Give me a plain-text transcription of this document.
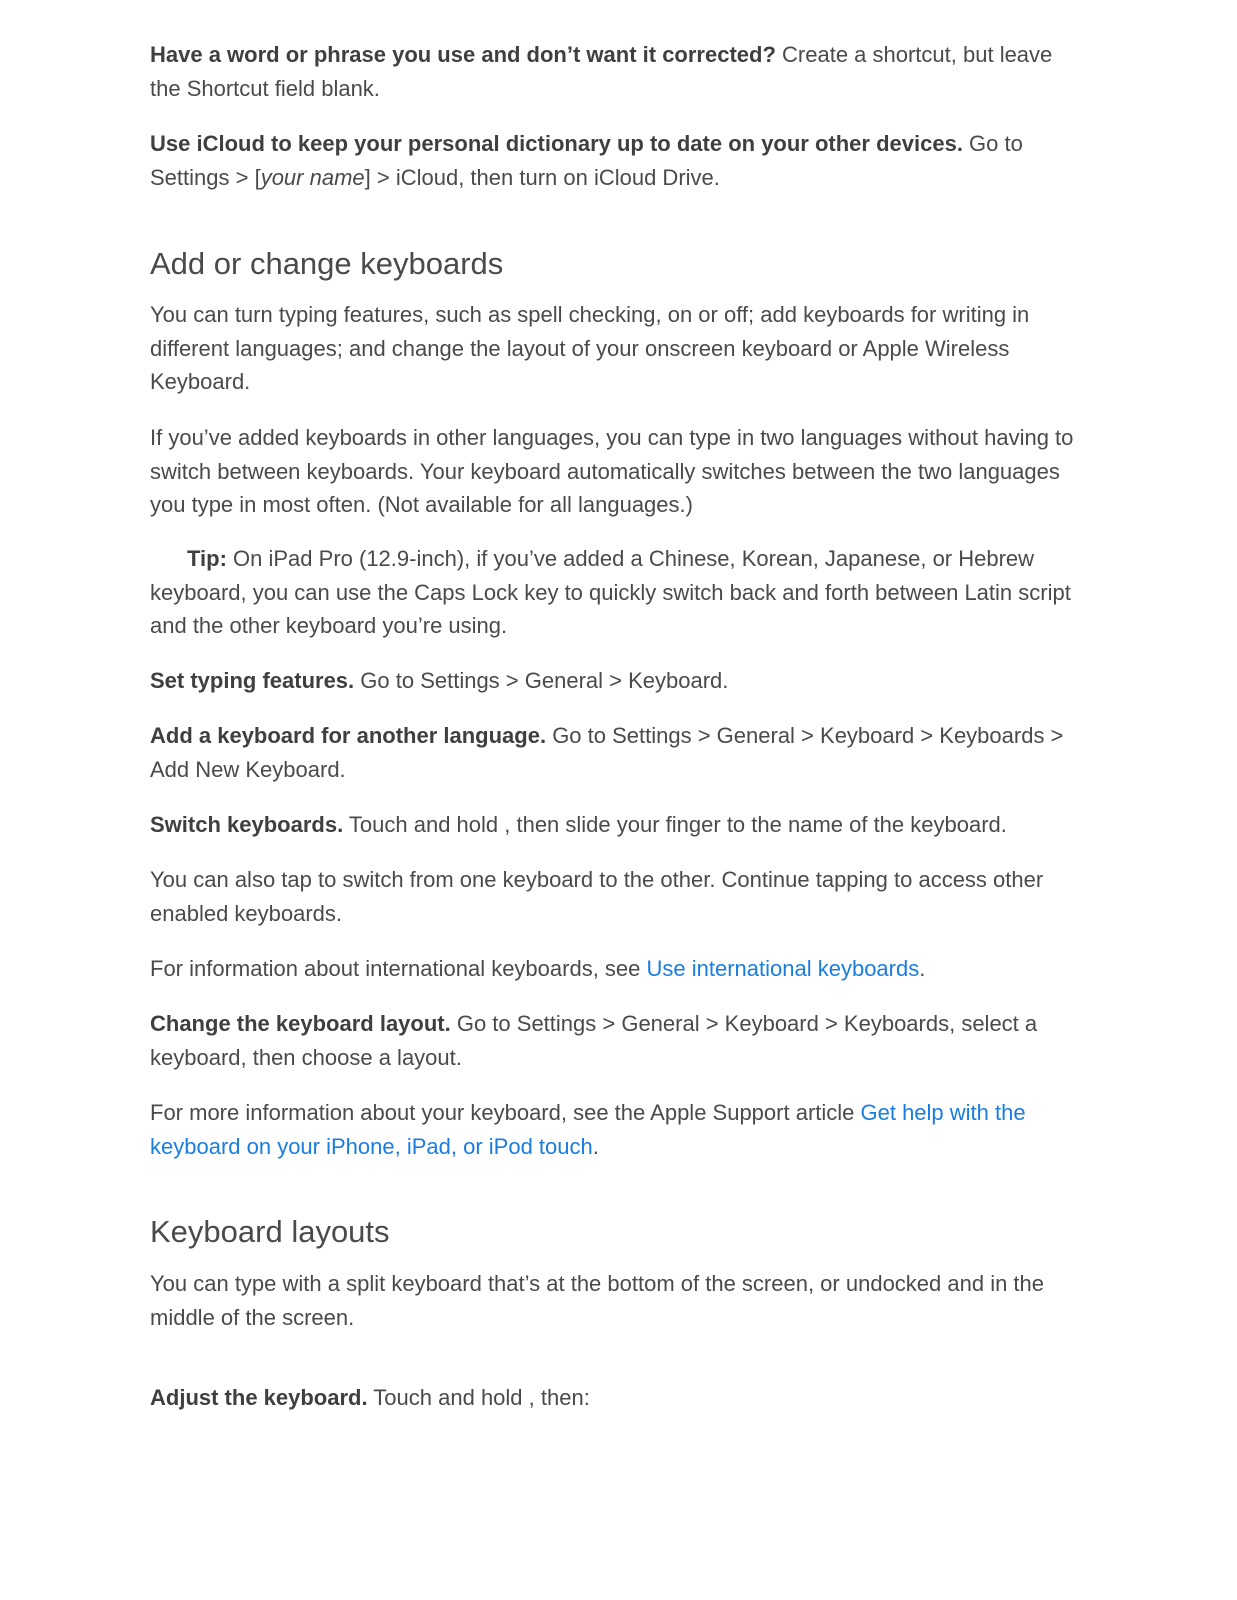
Have a word or phrase you use and don’t want it corrected? Create a shortcut, but leave the Shortcut field blank.

Use iCloud to keep your personal dictionary up to date on your other devices. Go to Settings > [your name] > iCloud, then turn on iCloud Drive.

Add or change keyboards

You can turn typing features, such as spell checking, on or off; add keyboards for writing in different languages; and change the layout of your onscreen keyboard or Apple Wireless Keyboard.

If you’ve added keyboards in other languages, you can type in two languages without having to switch between keyboards. Your keyboard automatically switches between the two languages you type in most often. (Not available for all languages.)

Tip: On iPad Pro (12.9-inch), if you’ve added a Chinese, Korean, Japanese, or Hebrew keyboard, you can use the Caps Lock key to quickly switch back and forth between Latin script and the other keyboard you’re using.

Set typing features. Go to Settings > General > Keyboard.

Add a keyboard for another language. Go to Settings > General > Keyboard > Keyboards > Add New Keyboard.

Switch keyboards. Touch and hold , then slide your finger to the name of the keyboard.

You can also tap to switch from one keyboard to the other. Continue tapping to access other enabled keyboards.

For information about international keyboards, see Use international keyboards.

Change the keyboard layout. Go to Settings > General > Keyboard > Keyboards, select a keyboard, then choose a layout.

For more information about your keyboard, see the Apple Support article Get help with the keyboard on your iPhone, iPad, or iPod touch.

Keyboard layouts

You can type with a split keyboard that’s at the bottom of the screen, or undocked and in the middle of the screen.

Adjust the keyboard. Touch and hold , then:
